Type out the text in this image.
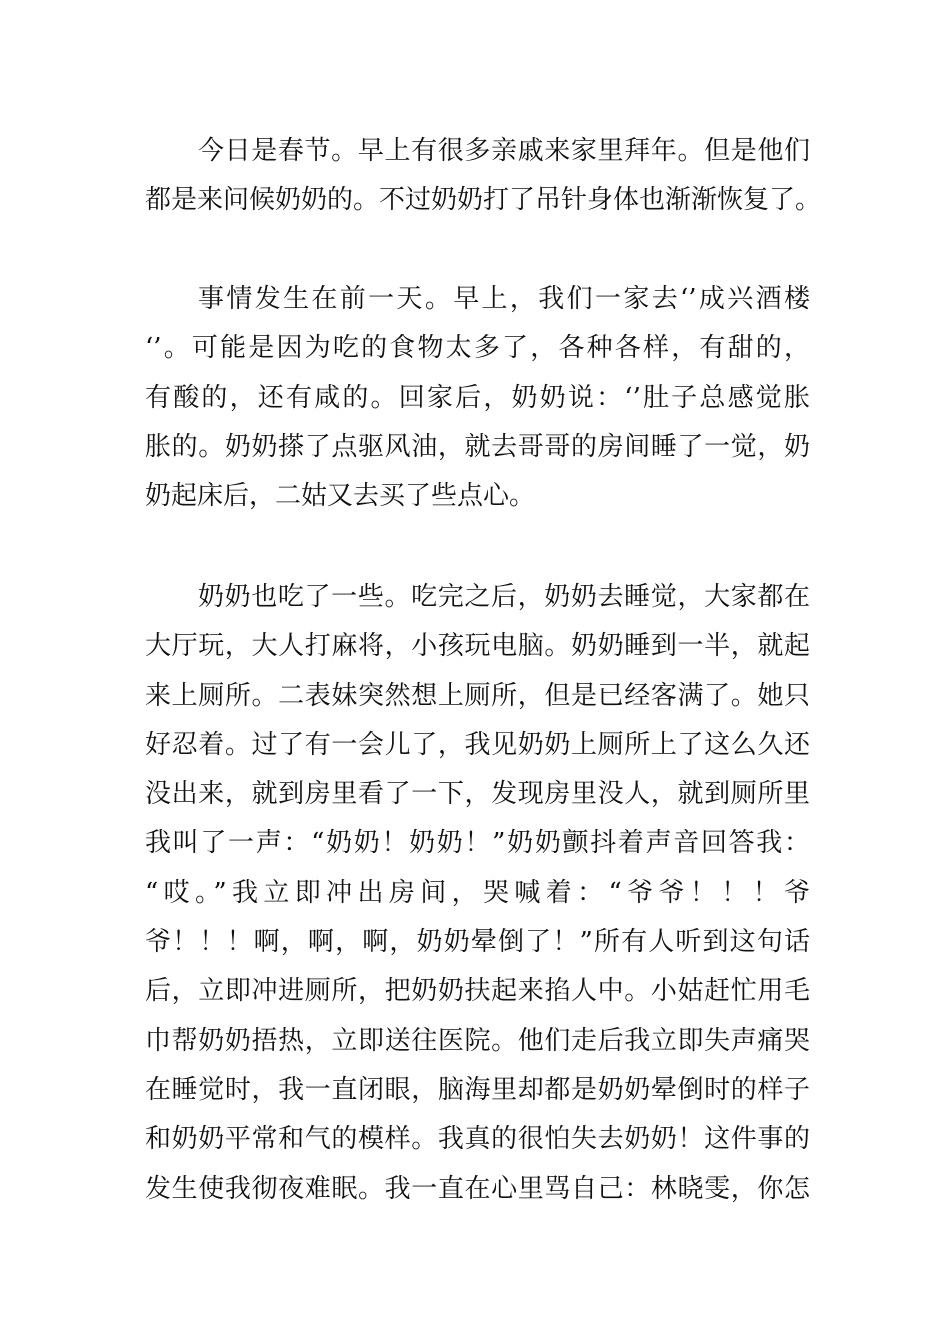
今日是春节。早上有很多亲戚来家里拜年。但是他们
都是来问候奶奶的。不过奶奶打了吊针身体也渐渐恢复了。
事情发生在前一天。早上，我们一家去‘’成兴酒楼
‘’。可能是因为吃的食物太多了，各种各样，有甜的，
有酸的，还有咸的。回家后，奶奶说：‘’肚子总感觉胀
胀的。奶奶搽了点驱风油，就去哥哥的房间睡了一觉，奶
奶起床后，二姑又去买了些点心。
奶奶也吃了一些。吃完之后，奶奶去睡觉，大家都在
大厅玩，大人打麻将，小孩玩电脑。奶奶睡到一半，就起
来上厕所。二表妹突然想上厕所，但是已经客满了。她只
好忍着。过了有一会儿了，我见奶奶上厕所上了这么久还
没出来，就到房里看了一下，发现房里没人，就到厕所里
我叫了一声：“奶奶！奶奶！”奶奶颤抖着声音回答我：
“哎。”我立即冲出房间，哭喊着：“爷爷！！！爷
爷！！！啊，啊，啊，奶奶晕倒了！”所有人听到这句话
后，立即冲进厕所，把奶奶扶起来掐人中。小姑赶忙用毛
巾帮奶奶捂热，立即送往医院。他们走后我立即失声痛哭
在睡觉时，我一直闭眼，脑海里却都是奶奶晕倒时的样子
和奶奶平常和气的模样。我真的很怕失去奶奶！这件事的
发生使我彻夜难眠。我一直在心里骂自己：林晓雯，你怎
